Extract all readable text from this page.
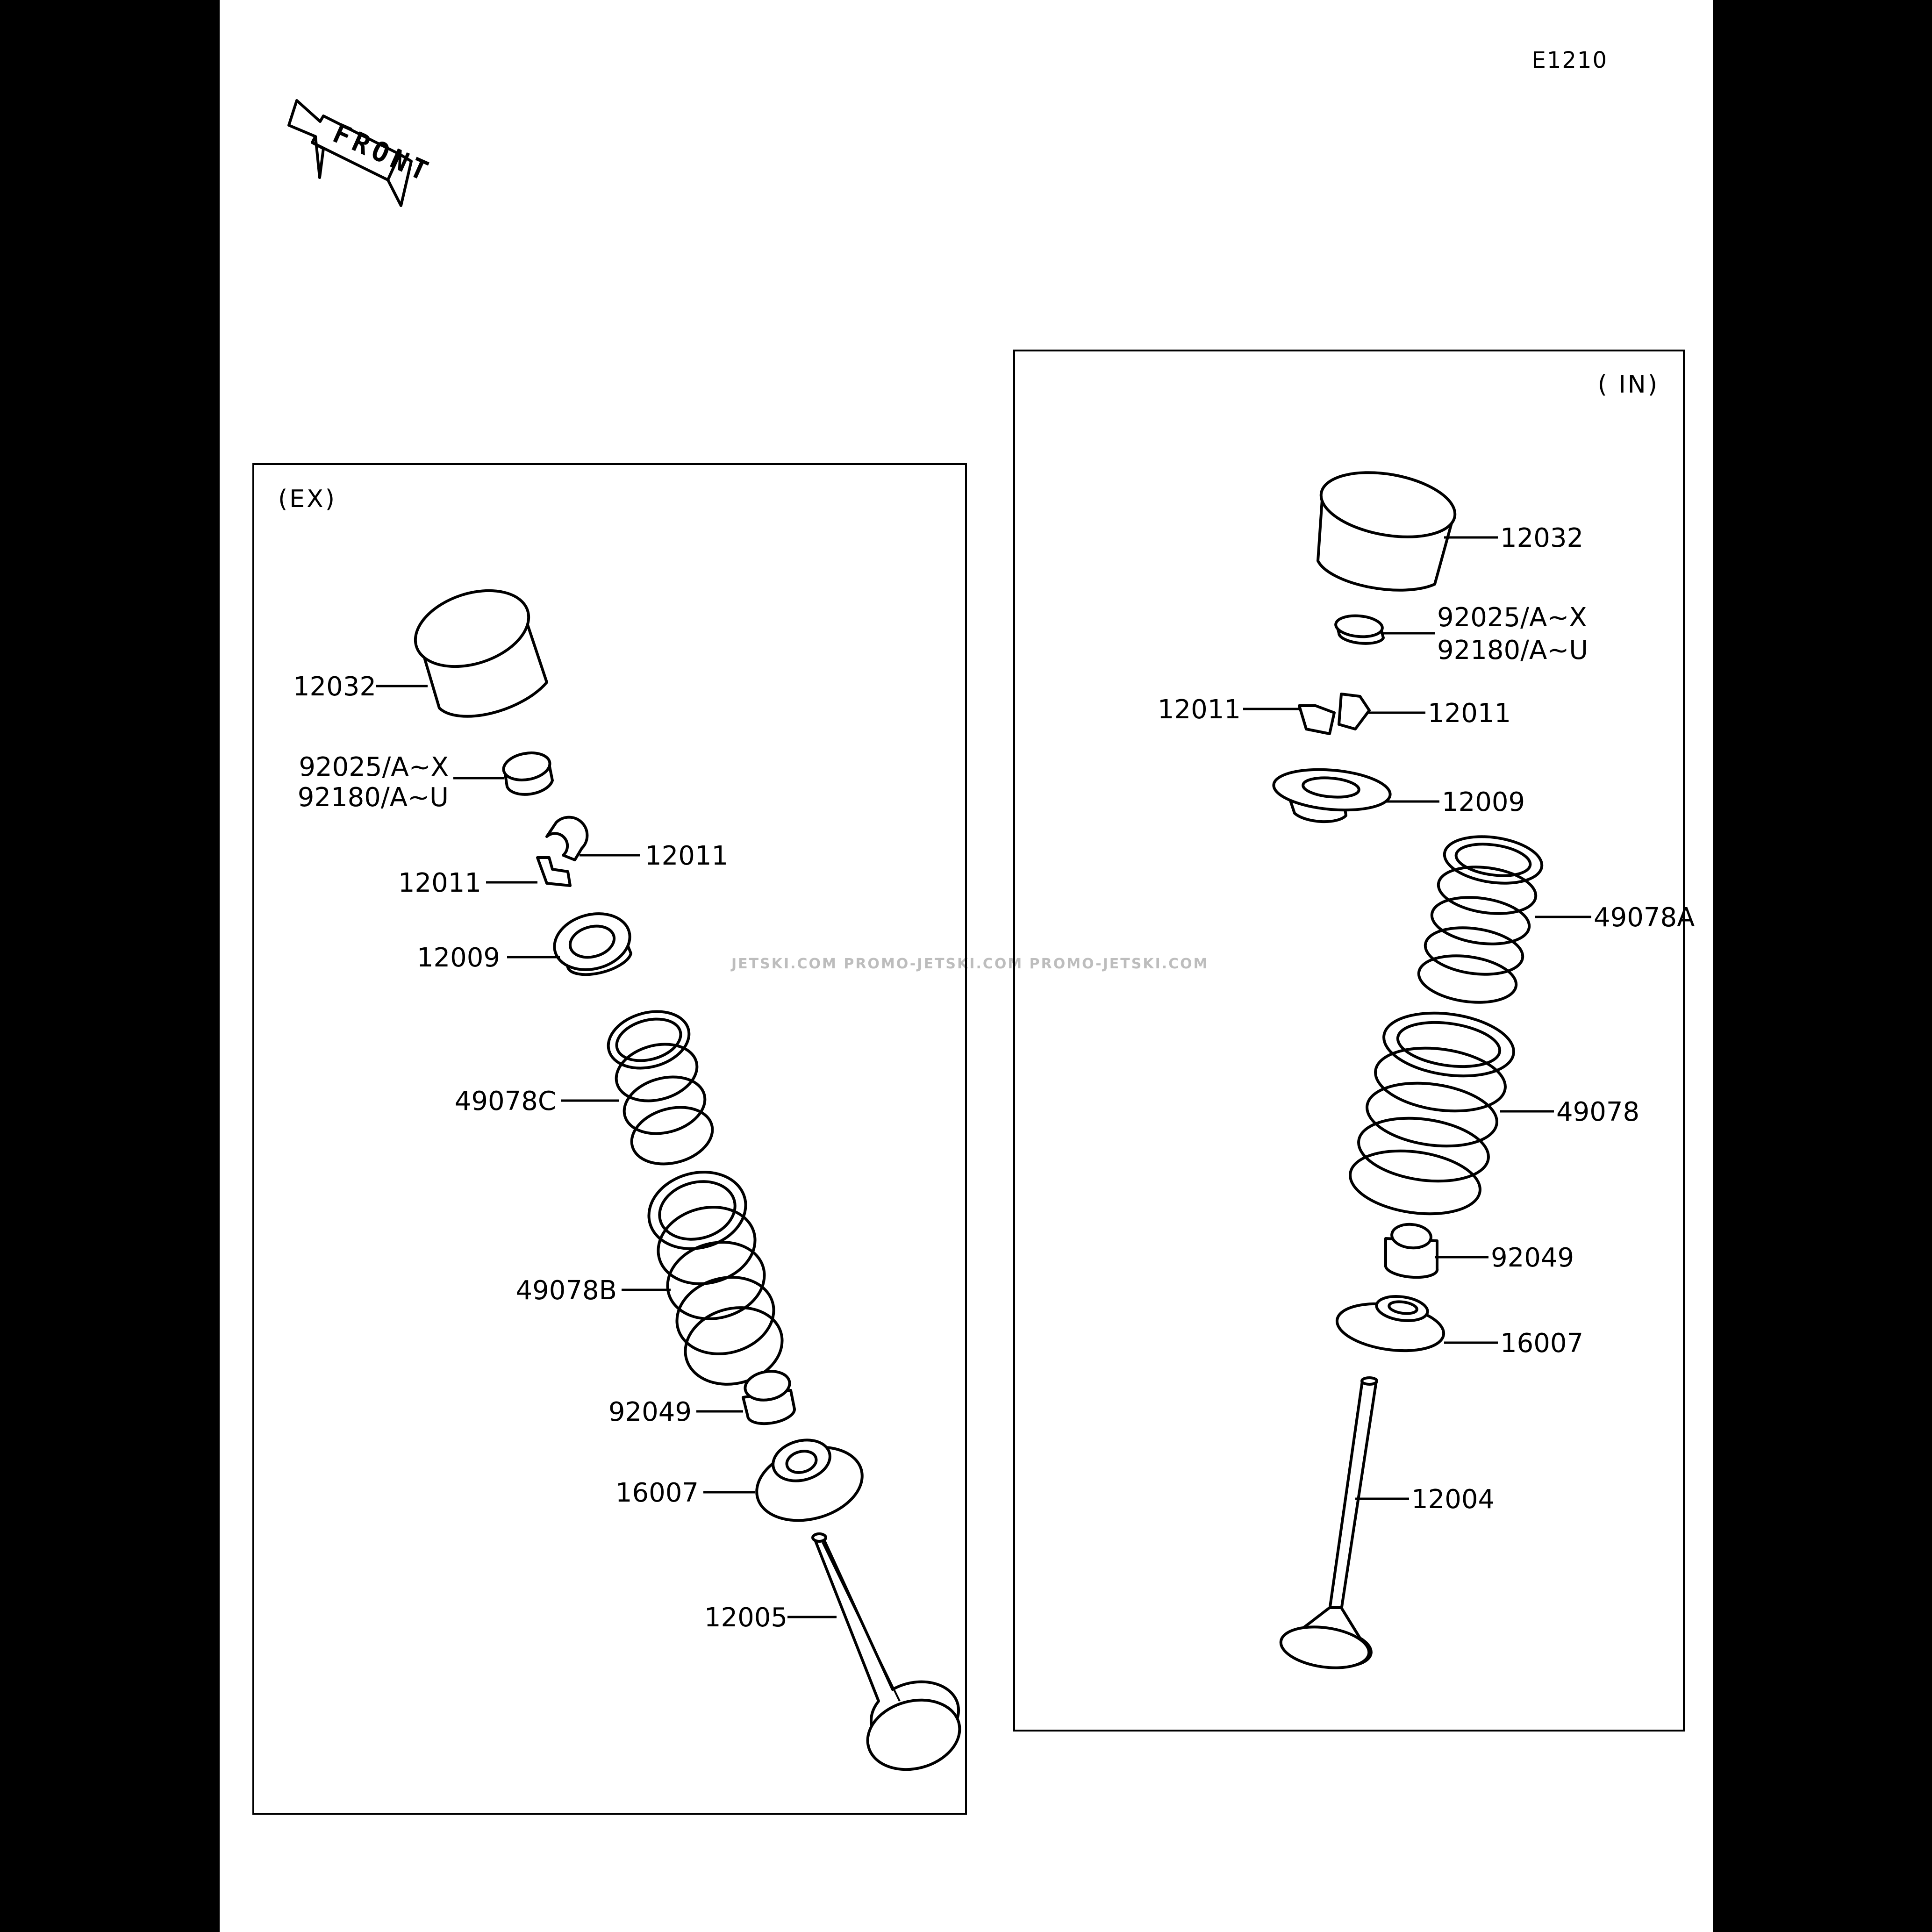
E1210
FRONT
JETSKI.COM PROMO-JETSKI.COM PROMO-JETSKI.COM
(EX)
12032
92025/A~X
92180/A~U
12011
12011
12009
49078C
49078B
92049
16007
12005
( IN)
12032
92025/A~X
92180/A~U
12011	12011
12009
49078A
49078
92049
16007
12004
